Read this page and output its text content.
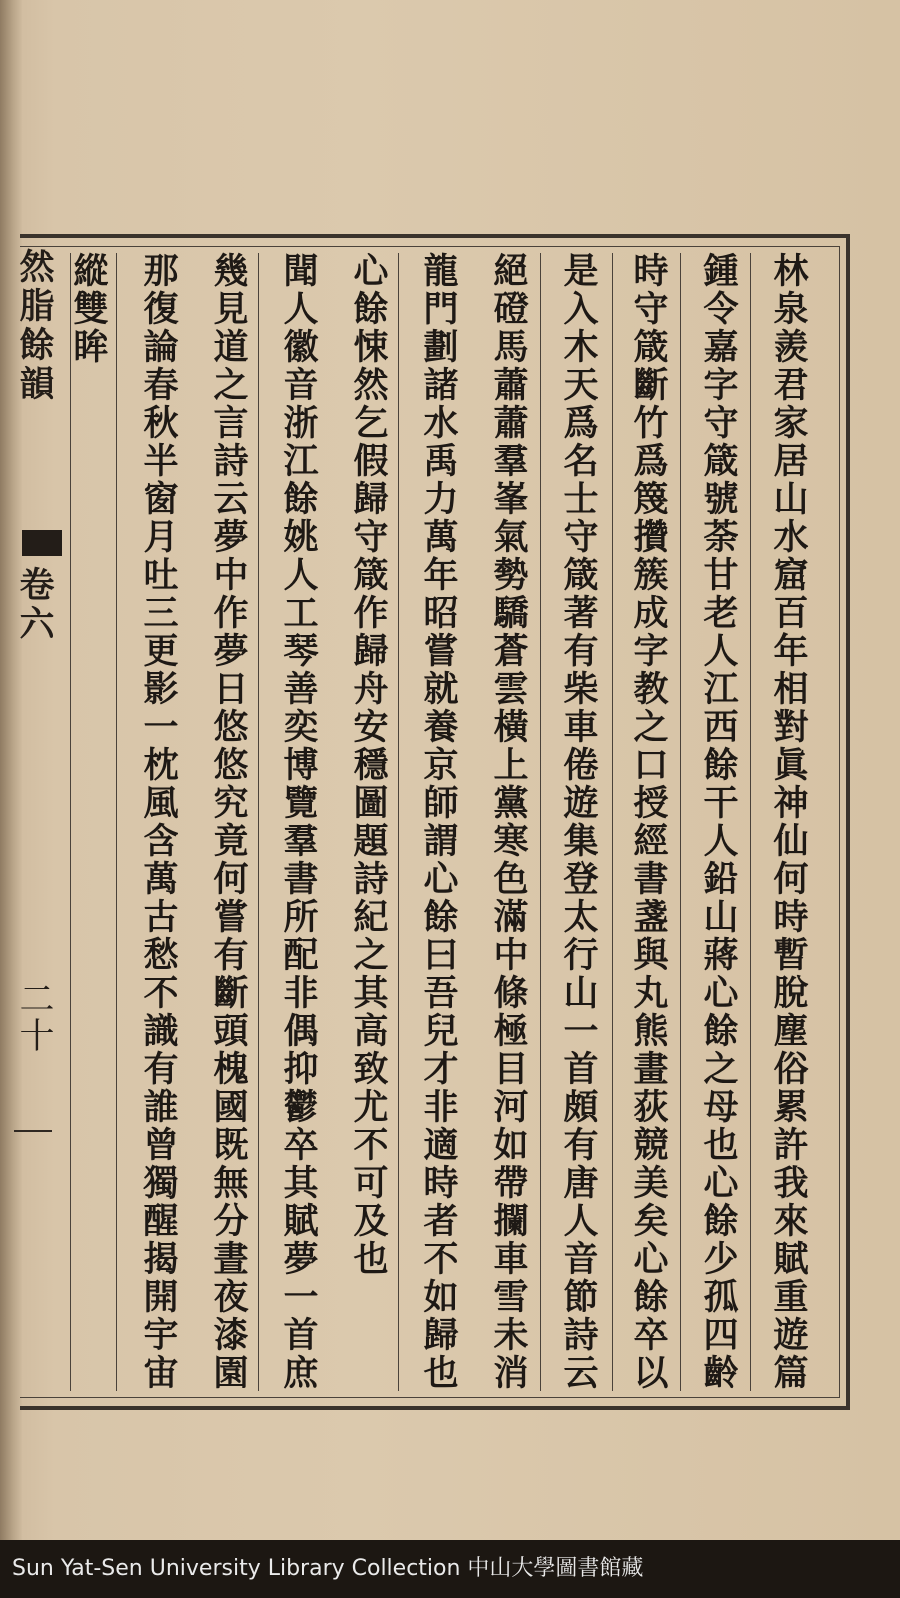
然脂餘韻
卷六
二十	林泉羨君家居山水窟百年相對眞神仙何時暫脫塵俗累許我來賦重遊篇
鍾令嘉字守箴號荼甘老人江西餘干人鉛山蔣心餘之母也心餘少孤四齡
時守箴斷竹爲篾攢簇成字教之口授經書盞與丸熊畫荻競美矣心餘卒以
是入木天爲名士守箴著有柴車倦遊集登太行山一首頗有唐人音節詩云
絕磴馬蕭蕭羣峯氣勢驕蒼雲橫上黨寒色滿中條極目河如帶攔車雪未消
龍門劃諸水禹力萬年昭嘗就養京師謂心餘曰吾兒才非適時者不如歸也
心餘悚然乞假歸守箴作歸舟安穩圖題詩紀之其高致尤不可及也
聞人徽音浙江餘姚人工琴善奕博覽羣書所配非偶抑鬱卒其賦夢一首庶
幾見道之言詩云夢中作夢日悠悠究竟何嘗有斷頭槐國既無分晝夜漆園
那復論春秋半窗月吐三更影一枕風含萬古愁不識有誰曾獨醒揭開宇宙
縱雙眸
Sun Yat-Sen University Library Collection 中山大學圖書館藏
